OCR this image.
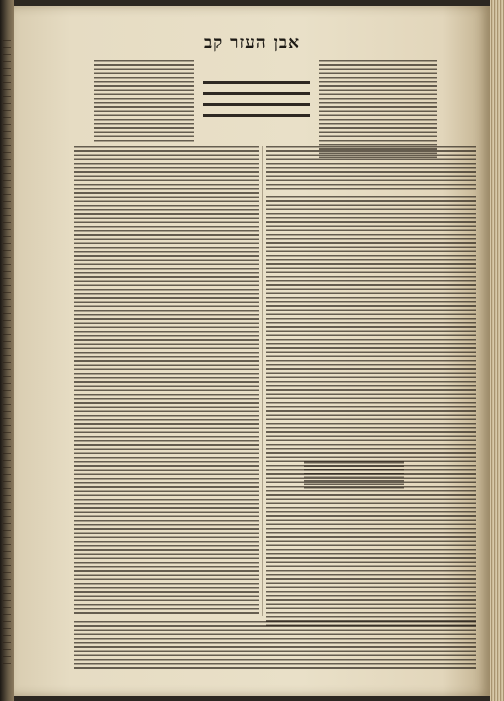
אבן העזר קב
